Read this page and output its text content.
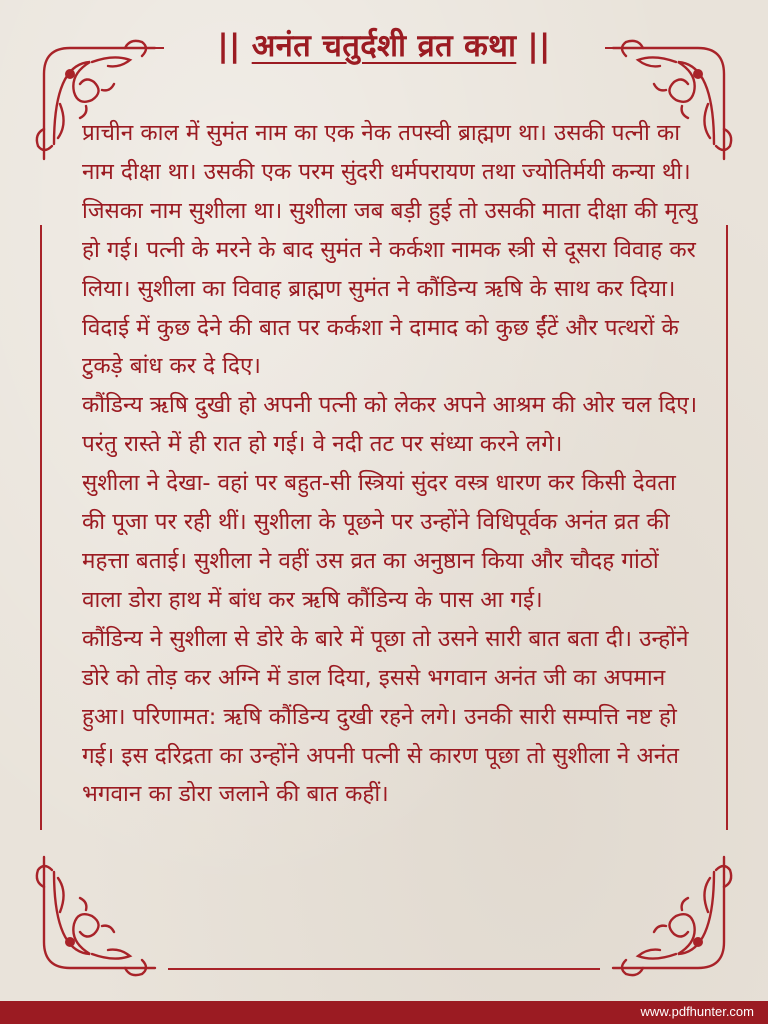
|| अनंत चतुर्दशी व्रत कथा ||

प्राचीन काल में सुमंत नाम का एक नेक तपस्वी ब्राह्मण था। उसकी पत्नी का नाम दीक्षा था। उसकी एक परम सुंदरी धर्मपरायण तथा ज्योतिर्मयी कन्या थी। जिसका नाम सुशीला था। सुशीला जब बड़ी हुई तो उसकी माता दीक्षा की मृत्यु हो गई। पत्नी के मरने के बाद सुमंत ने कर्कशा नामक स्त्री से दूसरा विवाह कर लिया। सुशीला का विवाह ब्राह्मण सुमंत ने कौंडिन्य ऋषि के साथ कर दिया। विदाई में कुछ देने की बात पर कर्कशा ने दामाद को कुछ ईंटें और पत्थरों के टुकड़े बांध कर दे दिए।

कौंडिन्य ऋषि दुखी हो अपनी पत्नी को लेकर अपने आश्रम की ओर चल दिए। परंतु रास्ते में ही रात हो गई। वे नदी तट पर संध्या करने लगे।

सुशीला ने देखा- वहां पर बहुत-सी स्त्रियां सुंदर वस्त्र धारण कर किसी देवता की पूजा पर रही थीं। सुशीला के पूछने पर उन्होंने विधिपूर्वक अनंत व्रत की महत्ता बताई। सुशीला ने वहीं उस व्रत का अनुष्ठान किया और चौदह गांठों वाला डोरा हाथ में बांध कर ऋषि कौंडिन्य के पास आ गई।

कौंडिन्य ने सुशीला से डोरे के बारे में पूछा तो उसने सारी बात बता दी। उन्होंने डोरे को तोड़ कर अग्नि में डाल दिया, इससे भगवान अनंत जी का अपमान हुआ। परिणामत: ऋषि कौंडिन्य दुखी रहने लगे। उनकी सारी सम्पत्ति नष्ट हो गई। इस दरिद्रता का उन्होंने अपनी पत्नी से कारण पूछा तो सुशीला ने अनंत भगवान का डोरा जलाने की बात कहीं।

www.pdfhunter.com
